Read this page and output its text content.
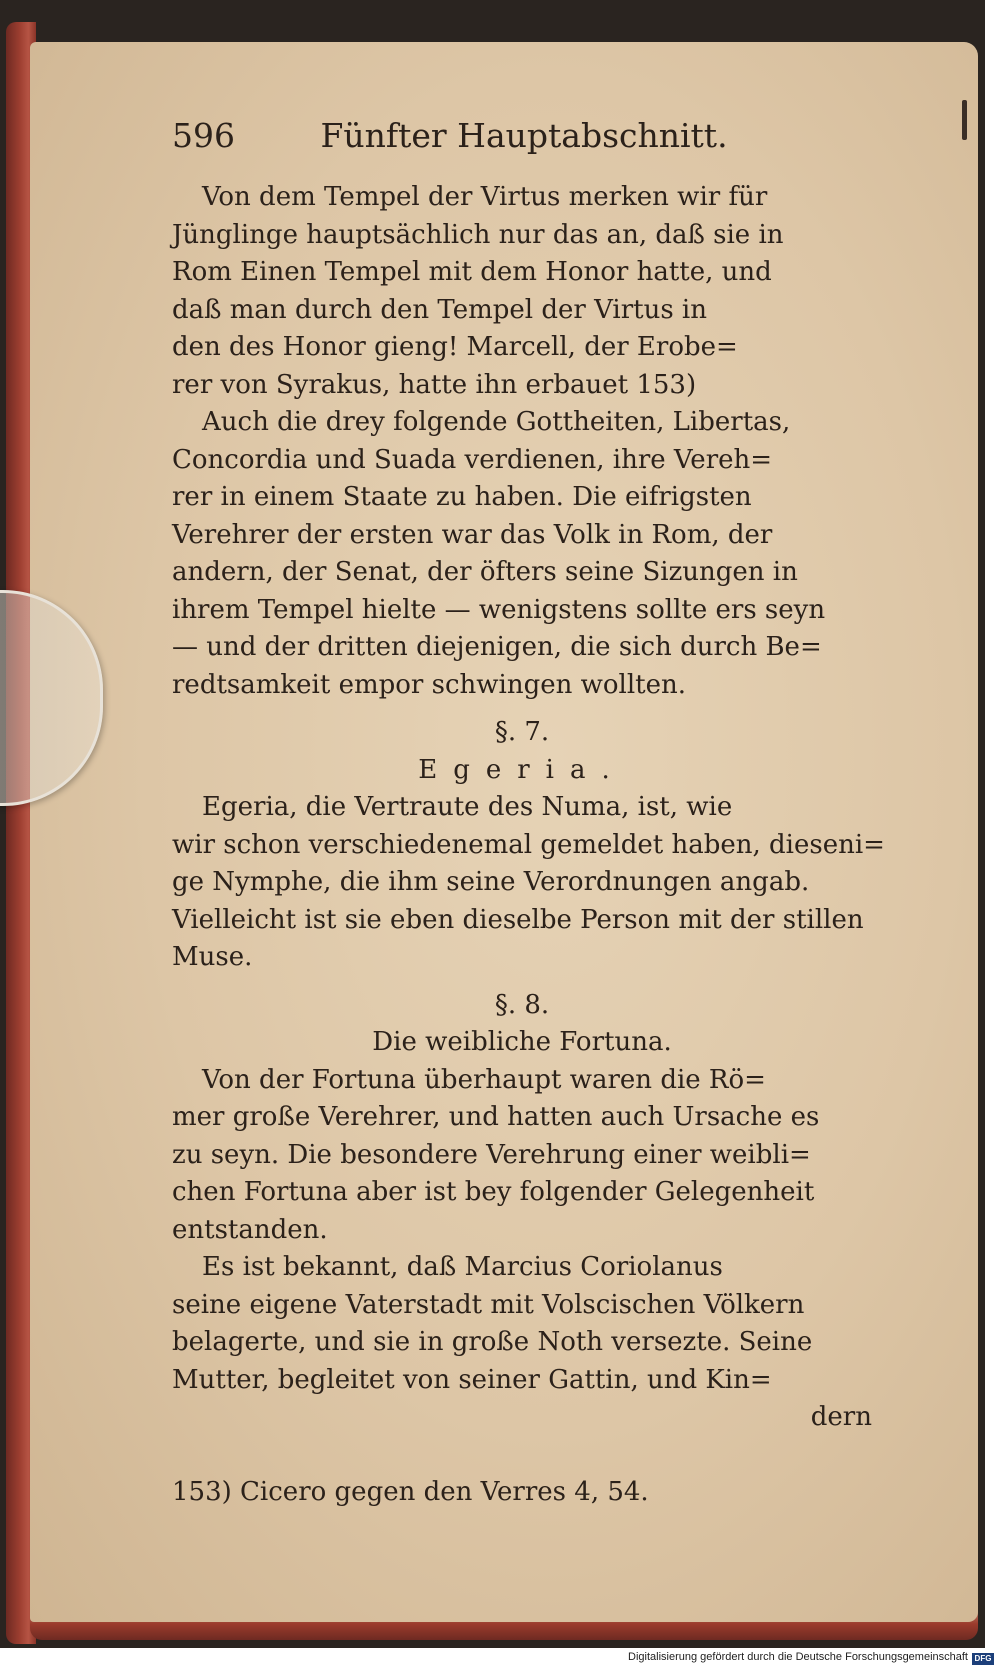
596	Fünfter Hauptabschnitt.

Von dem Tempel der Virtus merken wir für

Jünglinge hauptsächlich nur das an, daß sie in

Rom Einen Tempel mit dem Honor hatte, und

daß man durch den Tempel der Virtus in

den des Honor gieng! Marcell, der Erobe=

rer von Syrakus, hatte ihn erbauet 153)

Auch die drey folgende Gottheiten, Libertas,

Concordia und Suada verdienen, ihre Vereh=

rer in einem Staate zu haben. Die eifrigsten

Verehrer der ersten war das Volk in Rom, der

andern, der Senat, der öfters seine Sizungen in

ihrem Tempel hielte — wenigstens sollte ers seyn

— und der dritten diejenigen, die sich durch Be=

redtsamkeit empor schwingen wollten.

§. 7.

Egeria.

Egeria, die Vertraute des Numa, ist, wie

wir schon verschiedenemal gemeldet haben, dieseni=

ge Nymphe, die ihm seine Verordnungen angab.

Vielleicht ist sie eben dieselbe Person mit der stillen

Muse.

§. 8.

Die weibliche Fortuna.

Von der Fortuna überhaupt waren die Rö=

mer große Verehrer, und hatten auch Ursache es

zu seyn. Die besondere Verehrung einer weibli=

chen Fortuna aber ist bey folgender Gelegenheit

entstanden.

Es ist bekannt, daß Marcius Coriolanus

seine eigene Vaterstadt mit Volscischen Völkern

belagerte, und sie in große Noth versezte. Seine

Mutter, begleitet von seiner Gattin, und Kin=

dern

153) Cicero gegen den Verres 4, 54.
Digitalisierung gefördert durch die Deutsche Forschungsgemeinschaft DFG
